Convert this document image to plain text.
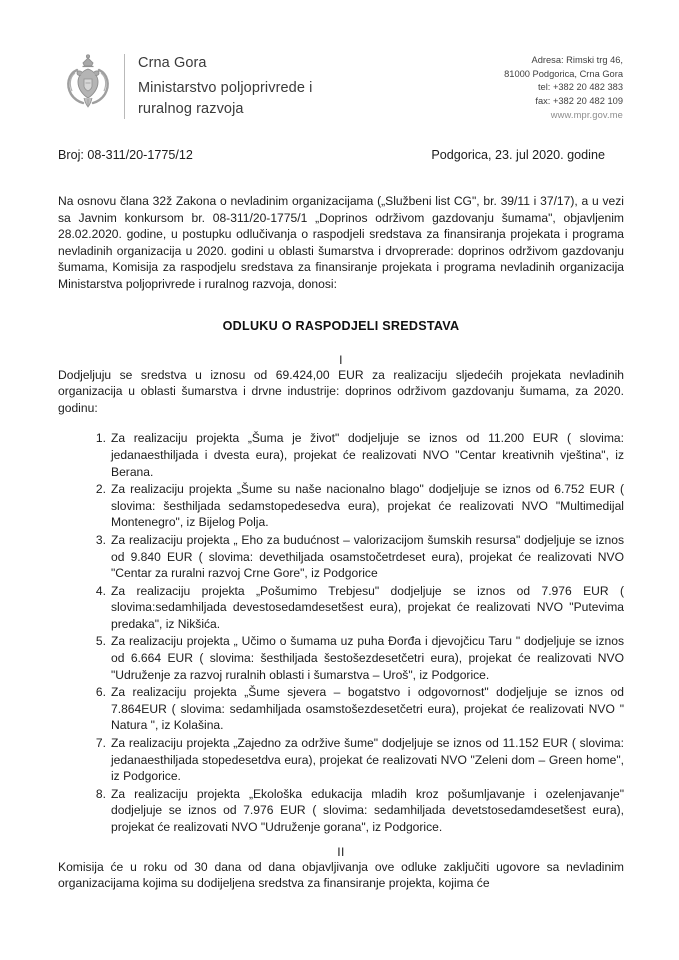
Crna Gora
Ministarstvo poljoprivrede i
ruralnog razvoja
Adresa: Rimski trg 46,
81000 Podgorica, Crna Gora
tel: +382 20 482 383
fax: +382 20 482 109
www.mpr.gov.me
Broj: 08-311/20-1775/12	Podgorica, 23. jul 2020. godine

Na osnovu člana 32ž Zakona o nevladinim organizacijama („Službeni list CG", br. 39/11 i 37/17), a u vezi sa Javnim konkursom br. 08-311/20-1775/1 „Doprinos održivom gazdovanju šumama", objavljenim 28.02.2020. godine, u postupku odlučivanja o raspodjeli sredstava za finansiranja projekata i programa nevladinih organizacija u 2020. godini u oblasti šumarstva i drvoprerade: doprinos održivom gazdovanju šumama, Komisija za raspodjelu sredstava za finansiranje projekata i programa nevladinih organizacija Ministarstva poljoprivrede i ruralnog razvoja, donosi:

ODLUKU O RASPODJELI SREDSTAVA
I

Dodjeljuju se sredstva u iznosu od 69.424,00 EUR za realizaciju sljedećih projekata nevladinih organizacija u oblasti šumarstva i drvne industrije: doprinos održivom gazdovanju šumama, za 2020. godinu:

Za realizaciju projekta „Šuma je život" dodjeljuje se iznos od 11.200 EUR ( slovima: jedanaesthiljada i dvesta eura), projekat će realizovati NVO "Centar kreativnih vještina", iz Berana.
Za realizaciju projekta „Šume su naše nacionalno blago" dodjeljuje se iznos od 6.752 EUR ( slovima: šesthiljada sedamstopedesedva eura), projekat će realizovati NVO "Multimedijal Montenegro", iz Bijelog Polja.
Za realizaciju projekta „ Eho za budućnost – valorizacijom šumskih resursa" dodjeljuje se iznos od 9.840 EUR ( slovima: devethiljada osamstočetrdeset eura), projekat će realizovati NVO "Centar za ruralni razvoj Crne Gore", iz Podgorice
Za realizaciju projekta „Pošumimo Trebjesu" dodjeljuje se iznos od 7.976 EUR ( slovima:sedamhiljada devestosedamdesetšest eura), projekat će realizovati NVO "Putevima predaka", iz Nikšića.
Za realizaciju projekta „ Učimo o šumama uz puha Đorđa i djevojčicu Taru " dodjeljuje se iznos od 6.664 EUR ( slovima: šesthiljada šestošezdesetčetri eura), projekat će realizovati NVO "Udruženje za razvoj ruralnih oblasti i šumarstva – Uroš", iz Podgorice.
Za realizaciju projekta „Šume sjevera – bogatstvo i odgovornost" dodjeljuje se iznos od 7.864EUR ( slovima: sedamhiljada osamstošezdesetčetri eura), projekat će realizovati NVO " Natura ", iz Kolašina.
Za realizaciju projekta „Zajedno za održive šume" dodjeljuje se iznos od 11.152 EUR ( slovima: jedanaesthiljada stopedesetdva eura), projekat će realizovati NVO "Zeleni dom – Green home", iz Podgorice.
Za realizaciju projekta „Ekološka edukacija mladih kroz pošumljavanje i ozelenjavanje" dodjeljuje se iznos od 7.976 EUR ( slovima: sedamhiljada devetstosedamdesetšest eura), projekat će realizovati NVO "Udruženje gorana", iz Podgorice.
II

Komisija će u roku od 30 dana od dana objavljivanja ove odluke zaključiti ugovore sa nevladinim organizacijama kojima su dodijeljena sredstva za finansiranje projekta, kojima će
